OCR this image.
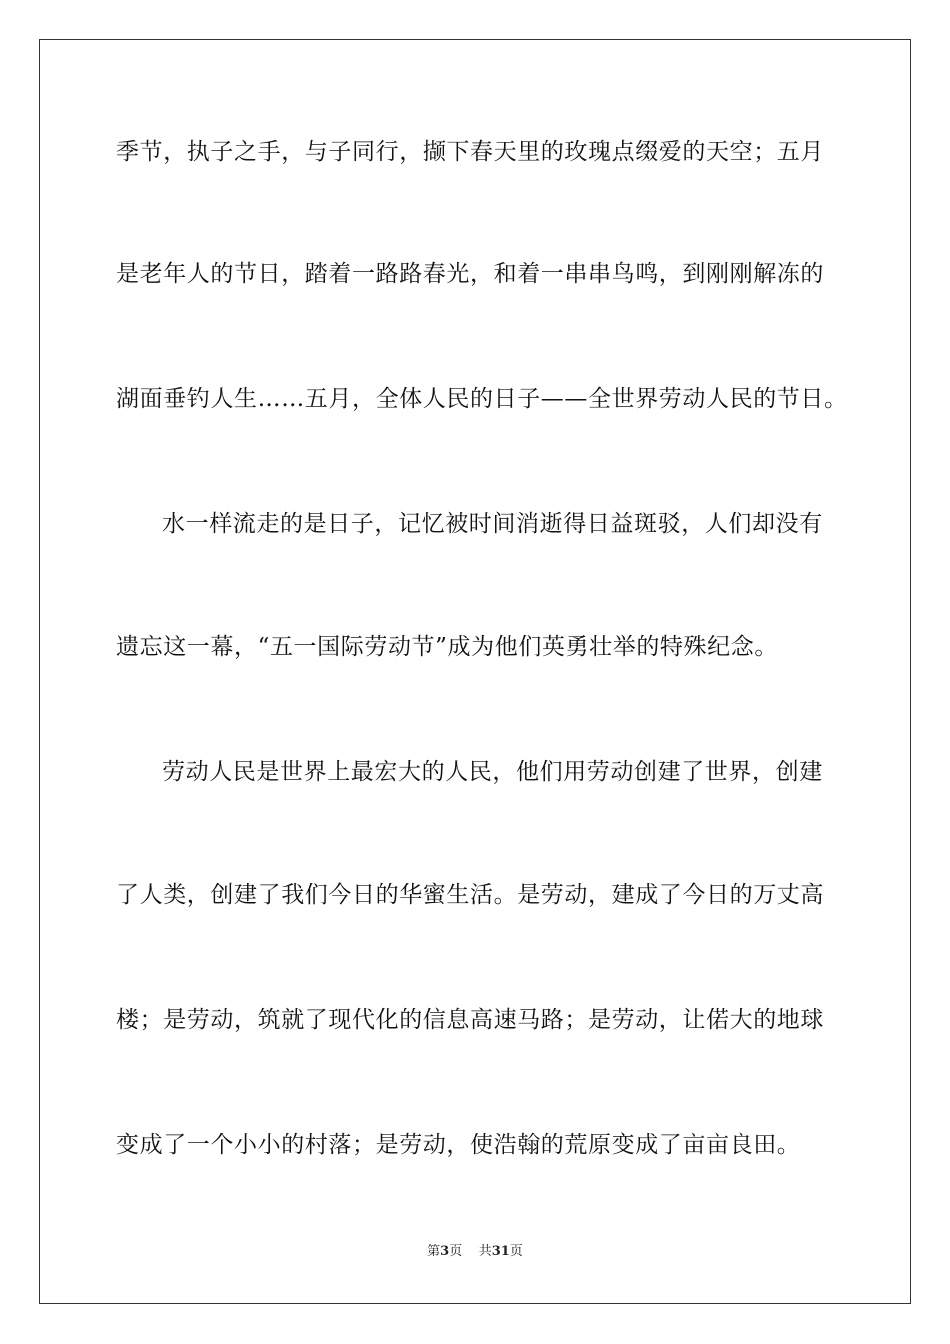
季节，执子之手，与子同行，撷下春天里的玫瑰点缀爱的天空；五月
是老年人的节日，踏着一路路春光，和着一串串鸟鸣，到刚刚解冻的
湖面垂钓人生……五月，全体人民的日子——全世界劳动人民的节日。
水一样流走的是日子，记忆被时间消逝得日益斑驳，人们却没有
遗忘这一幕，“五一国际劳动节”成为他们英勇壮举的特殊纪念。
劳动人民是世界上最宏大的人民，他们用劳动创建了世界，创建
了人类，创建了我们今日的华蜜生活。是劳动，建成了今日的万丈高
楼；是劳动，筑就了现代化的信息高速马路；是劳动，让偌大的地球
变成了一个小小的村落；是劳动，使浩翰的荒原变成了亩亩良田。
第3页 共31页
